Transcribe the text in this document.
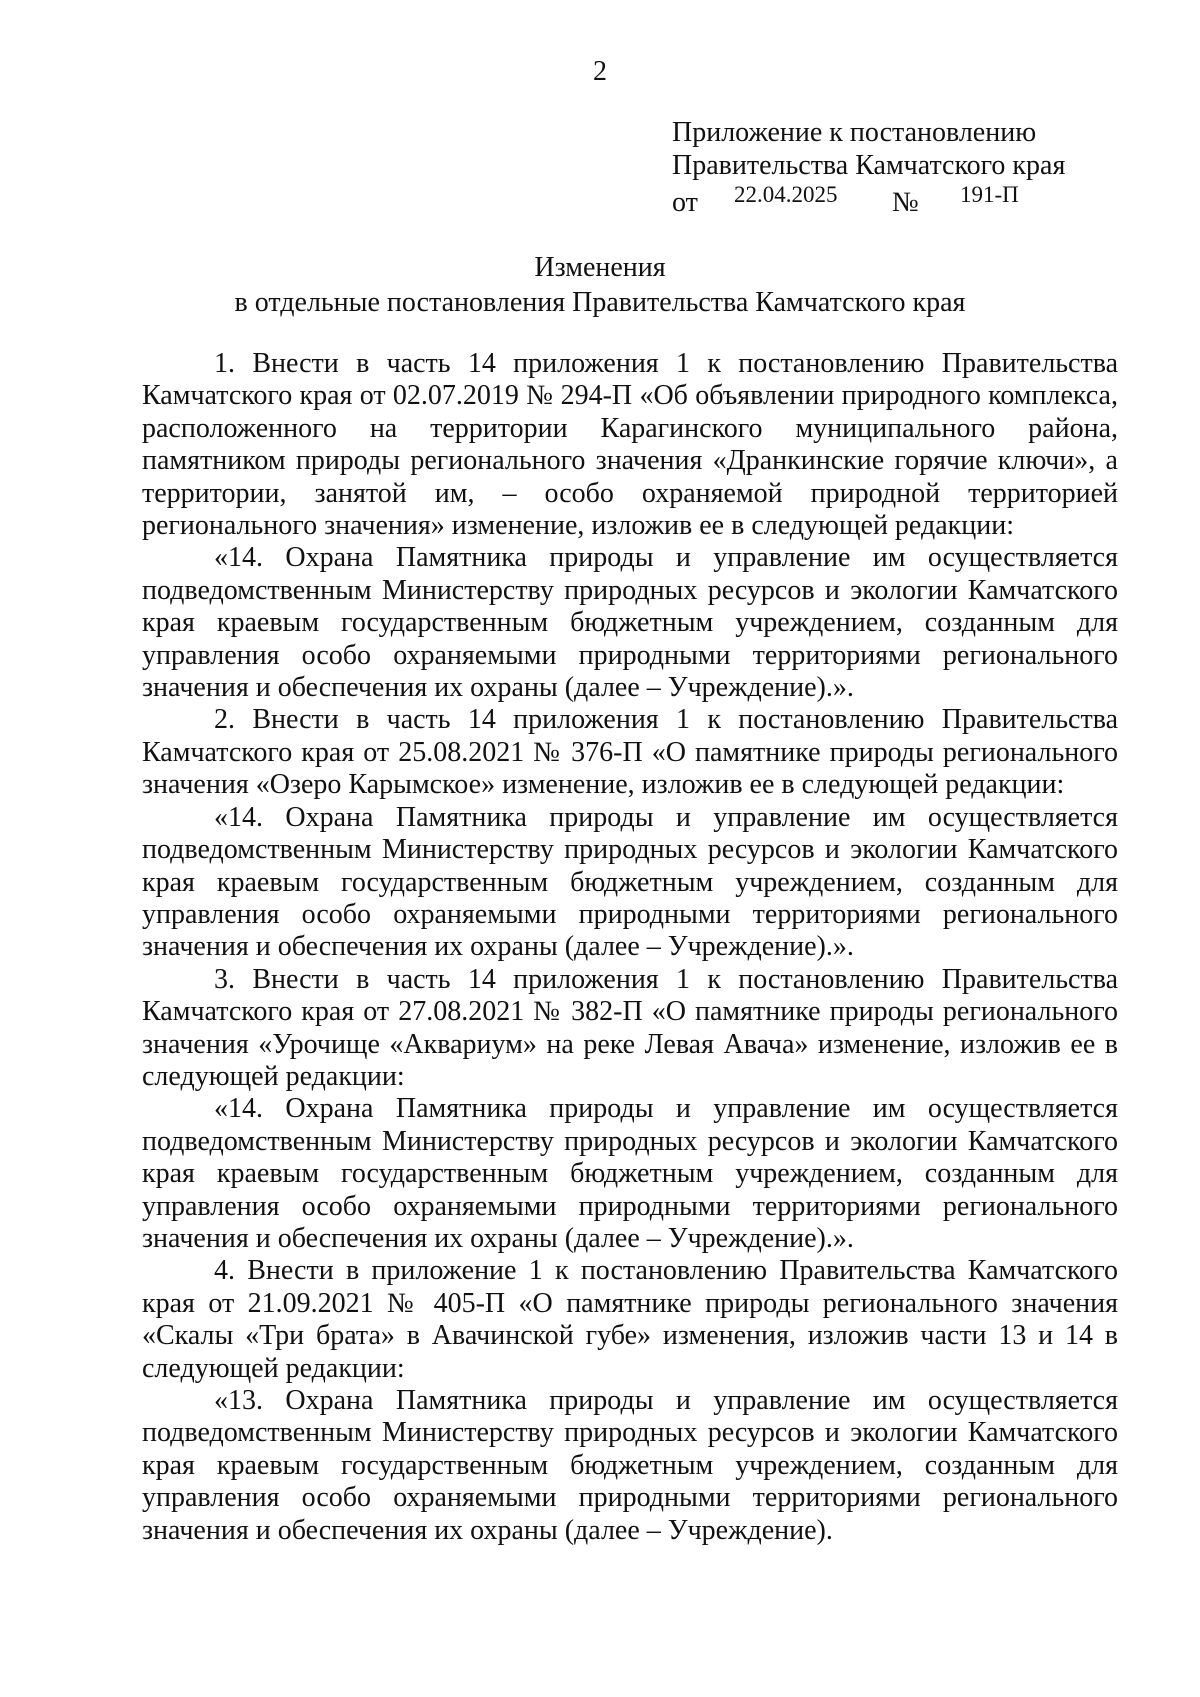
2
Приложение к постановлению
Правительства Камчатского края
от 22.04.2025 № 191-П
Изменения
в отдельные постановления Правительства Камчатского края

1. Внести в часть 14 приложения 1 к постановлению Правительства Камчатского края от 02.07.2019 № 294-П «Об объявлении природного комплекса, расположенного на территории Карагинского муниципального района, памятником природы регионального значения «Дранкинские горячие ключи», а территории, занятой им, – особо охраняемой природной территорией регионального значения» изменение, изложив ее в следующей редакции:

«14. Охрана Памятника природы и управление им осуществляется подведомственным Министерству природных ресурсов и экологии Камчатского края краевым государственным бюджетным учреждением, созданным для управления особо охраняемыми природными территориями регионального значения и обеспечения их охраны (далее – Учреждение).».

2. Внести в часть 14 приложения 1 к постановлению Правительства Камчатского края от 25.08.2021 № 376-П «О памятнике природы регионального значения «Озеро Карымское» изменение, изложив ее в следующей редакции:

«14. Охрана Памятника природы и управление им осуществляется подведомственным Министерству природных ресурсов и экологии Камчатского края краевым государственным бюджетным учреждением, созданным для управления особо охраняемыми природными территориями регионального значения и обеспечения их охраны (далее – Учреждение).».

3. Внести в часть 14 приложения 1 к постановлению Правительства Камчатского края от 27.08.2021 № 382-П «О памятнике природы регионального значения «Урочище «Аквариум» на реке Левая Авача» изменение, изложив ее в следующей редакции:

«14. Охрана Памятника природы и управление им осуществляется подведомственным Министерству природных ресурсов и экологии Камчатского края краевым государственным бюджетным учреждением, созданным для управления особо охраняемыми природными территориями регионального значения и обеспечения их охраны (далее – Учреждение).».

4. Внести в приложение 1 к постановлению Правительства Камчатского края от 21.09.2021 № 405-П «О памятнике природы регионального значения «Скалы «Три брата» в Авачинской губе» изменения, изложив части 13 и 14 в следующей редакции:

«13. Охрана Памятника природы и управление им осуществляется подведомственным Министерству природных ресурсов и экологии Камчатского края краевым государственным бюджетным учреждением, созданным для управления особо охраняемыми природными территориями регионального значения и обеспечения их охраны (далее – Учреждение).
